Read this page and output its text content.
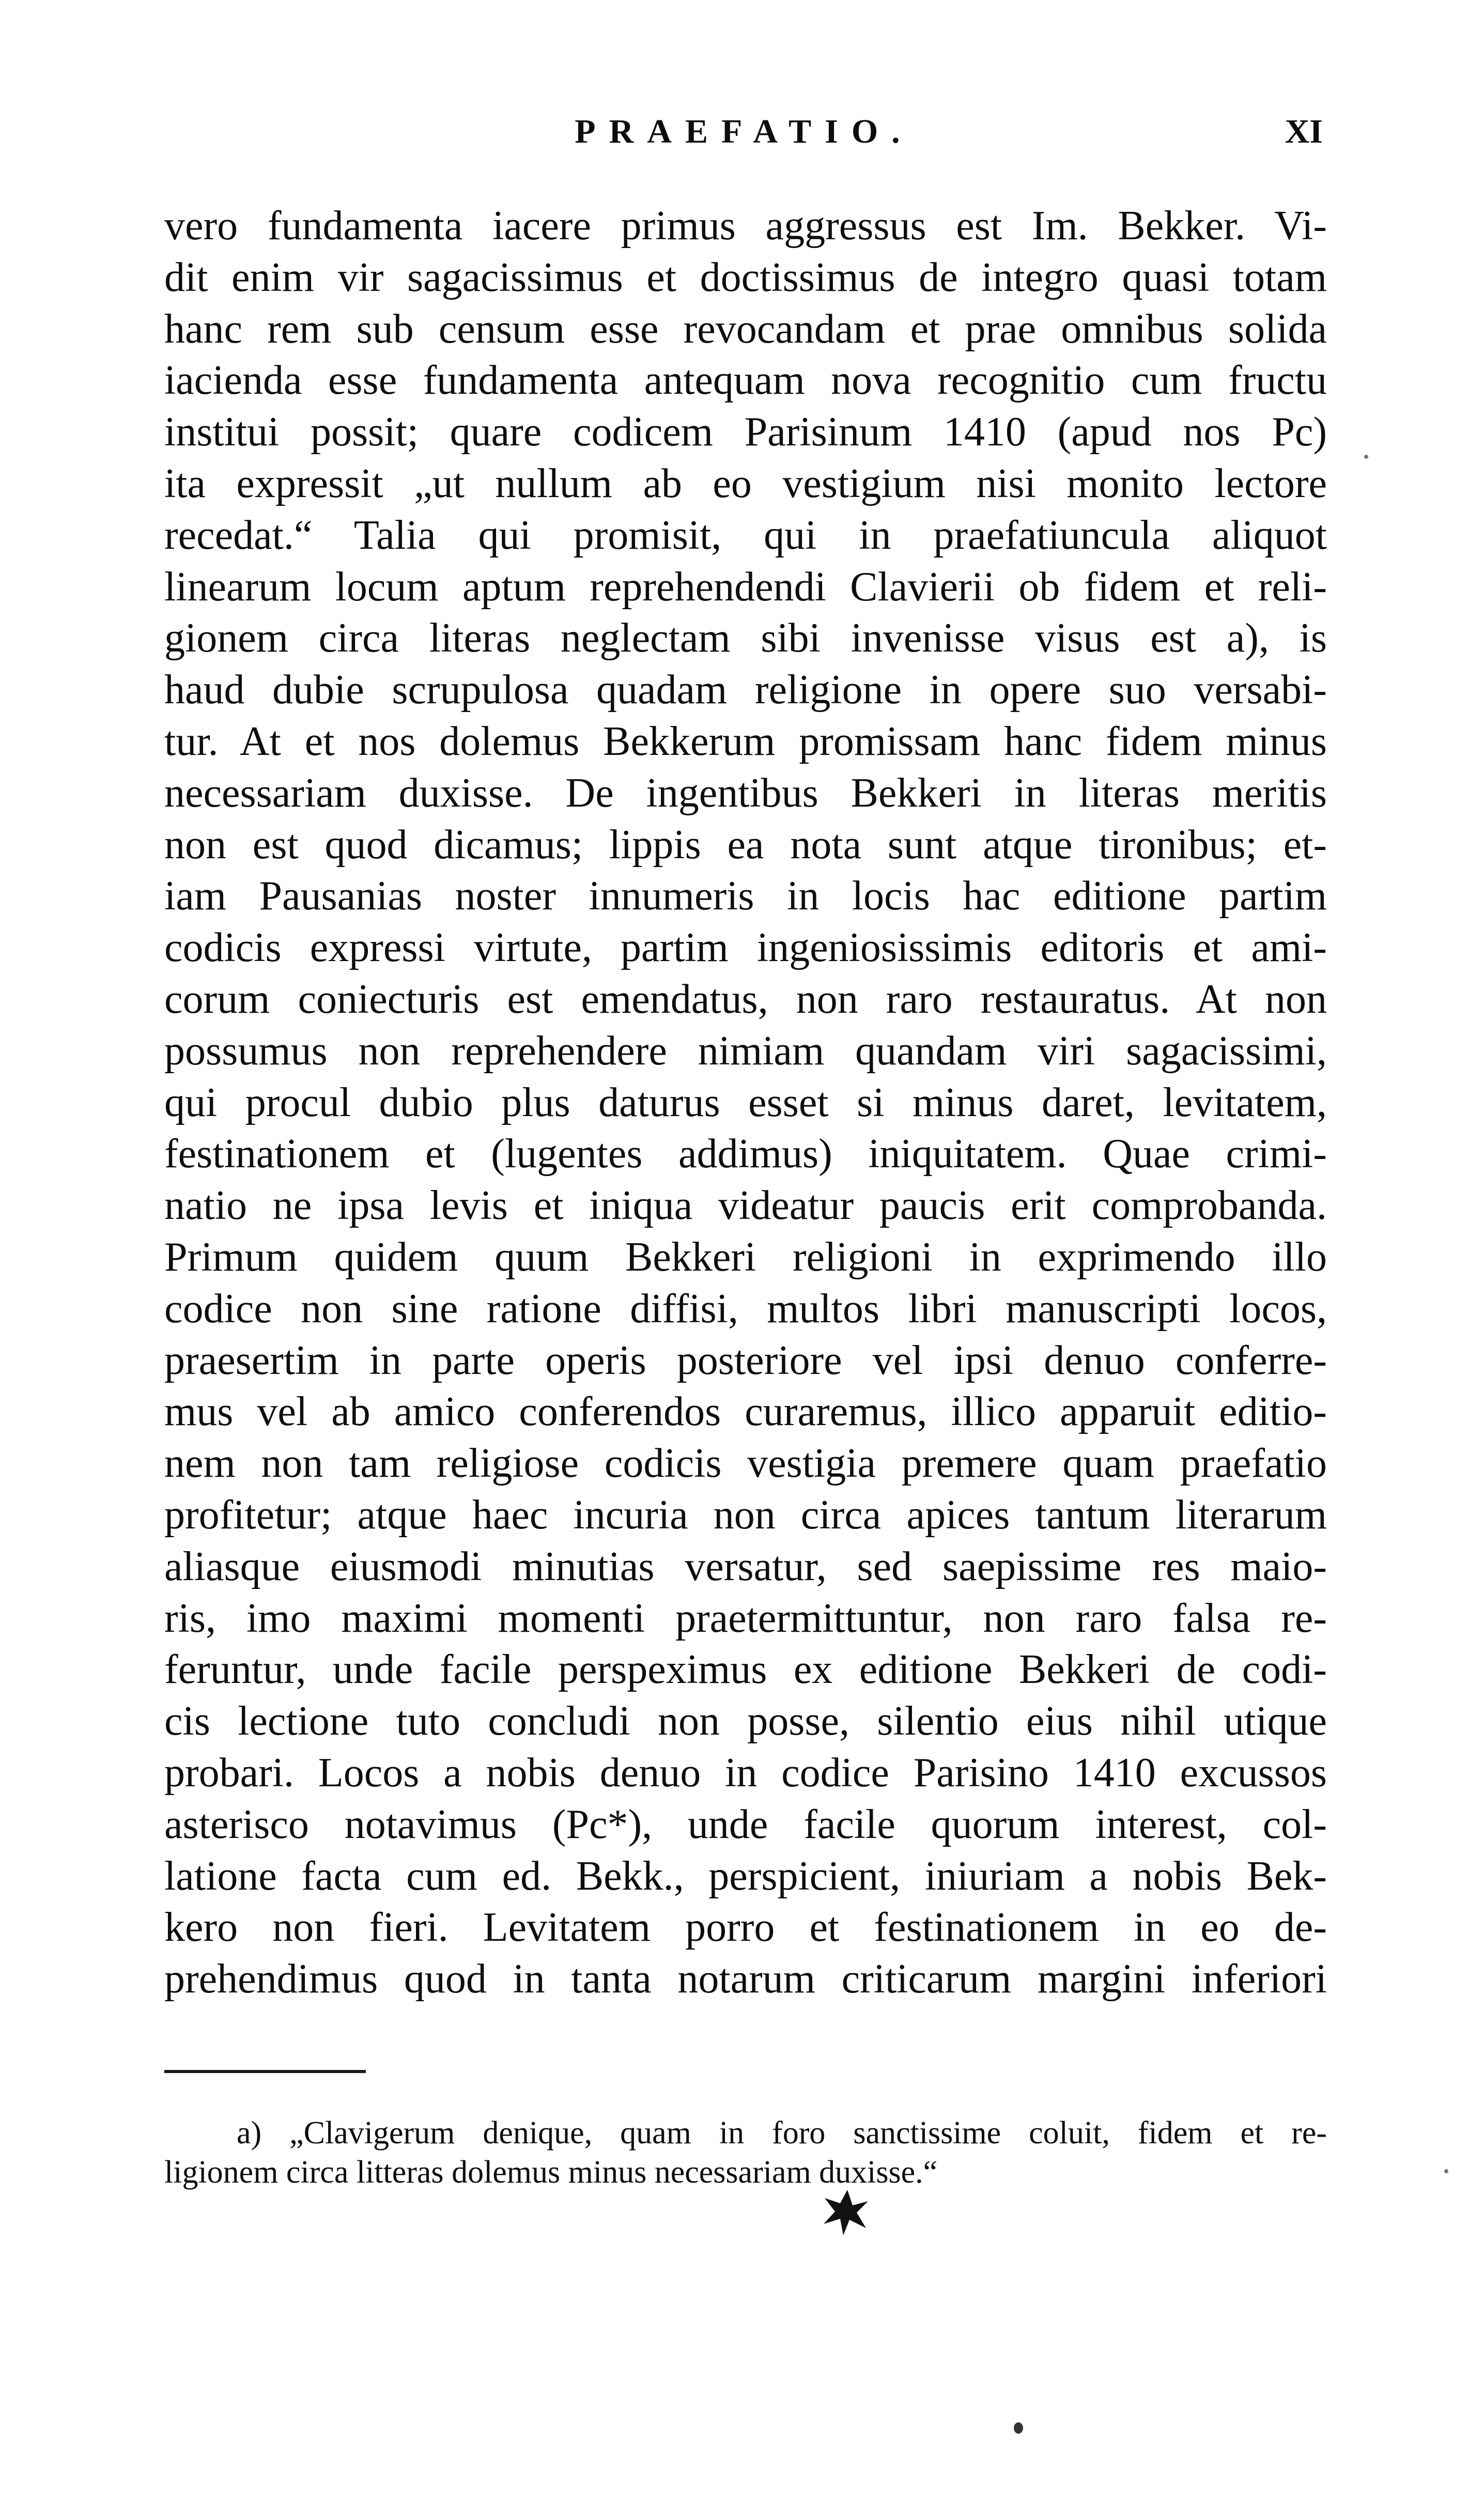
PRAEFATIO.	XI
vero fundamenta iacere primus aggressus est Im. Bekker. Vi-
dit enim vir sagacissimus et doctissimus de integro quasi totam
hanc rem sub censum esse revocandam et prae omnibus solida
iacienda esse fundamenta antequam nova recognitio cum fructu
institui possit; quare codicem Parisinum 1410 (apud nos Pc)
ita expressit „ut nullum ab eo vestigium nisi monito lectore
recedat.“ Talia qui promisit, qui in praefatiuncula aliquot
linearum locum aptum reprehendendi Clavierii ob fidem et reli-
gionem circa literas neglectam sibi invenisse visus est a), is
haud dubie scrupulosa quadam religione in opere suo versabi-
tur. At et nos dolemus Bekkerum promissam hanc fidem minus
necessariam duxisse. De ingentibus Bekkeri in literas meritis
non est quod dicamus; lippis ea nota sunt atque tironibus; et-
iam Pausanias noster innumeris in locis hac editione partim
codicis expressi virtute, partim ingeniosissimis editoris et ami-
corum coniecturis est emendatus, non raro restauratus. At non
possumus non reprehendere nimiam quandam viri sagacissimi,
qui procul dubio plus daturus esset si minus daret, levitatem,
festinationem et (lugentes addimus) iniquitatem. Quae crimi-
natio ne ipsa levis et iniqua videatur paucis erit comprobanda.
Primum quidem quum Bekkeri religioni in exprimendo illo
codice non sine ratione diffisi, multos libri manuscripti locos,
praesertim in parte operis posteriore vel ipsi denuo conferre-
mus vel ab amico conferendos curaremus, illico apparuit editio-
nem non tam religiose codicis vestigia premere quam praefatio
profitetur; atque haec incuria non circa apices tantum literarum
aliasque eiusmodi minutias versatur, sed saepissime res maio-
ris, imo maximi momenti praetermittuntur, non raro falsa re-
feruntur, unde facile perspeximus ex editione Bekkeri de codi-
cis lectione tuto concludi non posse, silentio eius nihil utique
probari. Locos a nobis denuo in codice Parisino 1410 excussos
asterisco notavimus (Pc*), unde facile quorum interest, col-
latione facta cum ed. Bekk., perspicient, iniuriam a nobis Bek-
kero non fieri. Levitatem porro et festinationem in eo de-
prehendimus quod in tanta notarum criticarum margini inferiori
a) „Clavigerum denique, quam in foro sanctissime coluit, fidem et re-
ligionem circa litteras dolemus minus necessariam duxisse.“
